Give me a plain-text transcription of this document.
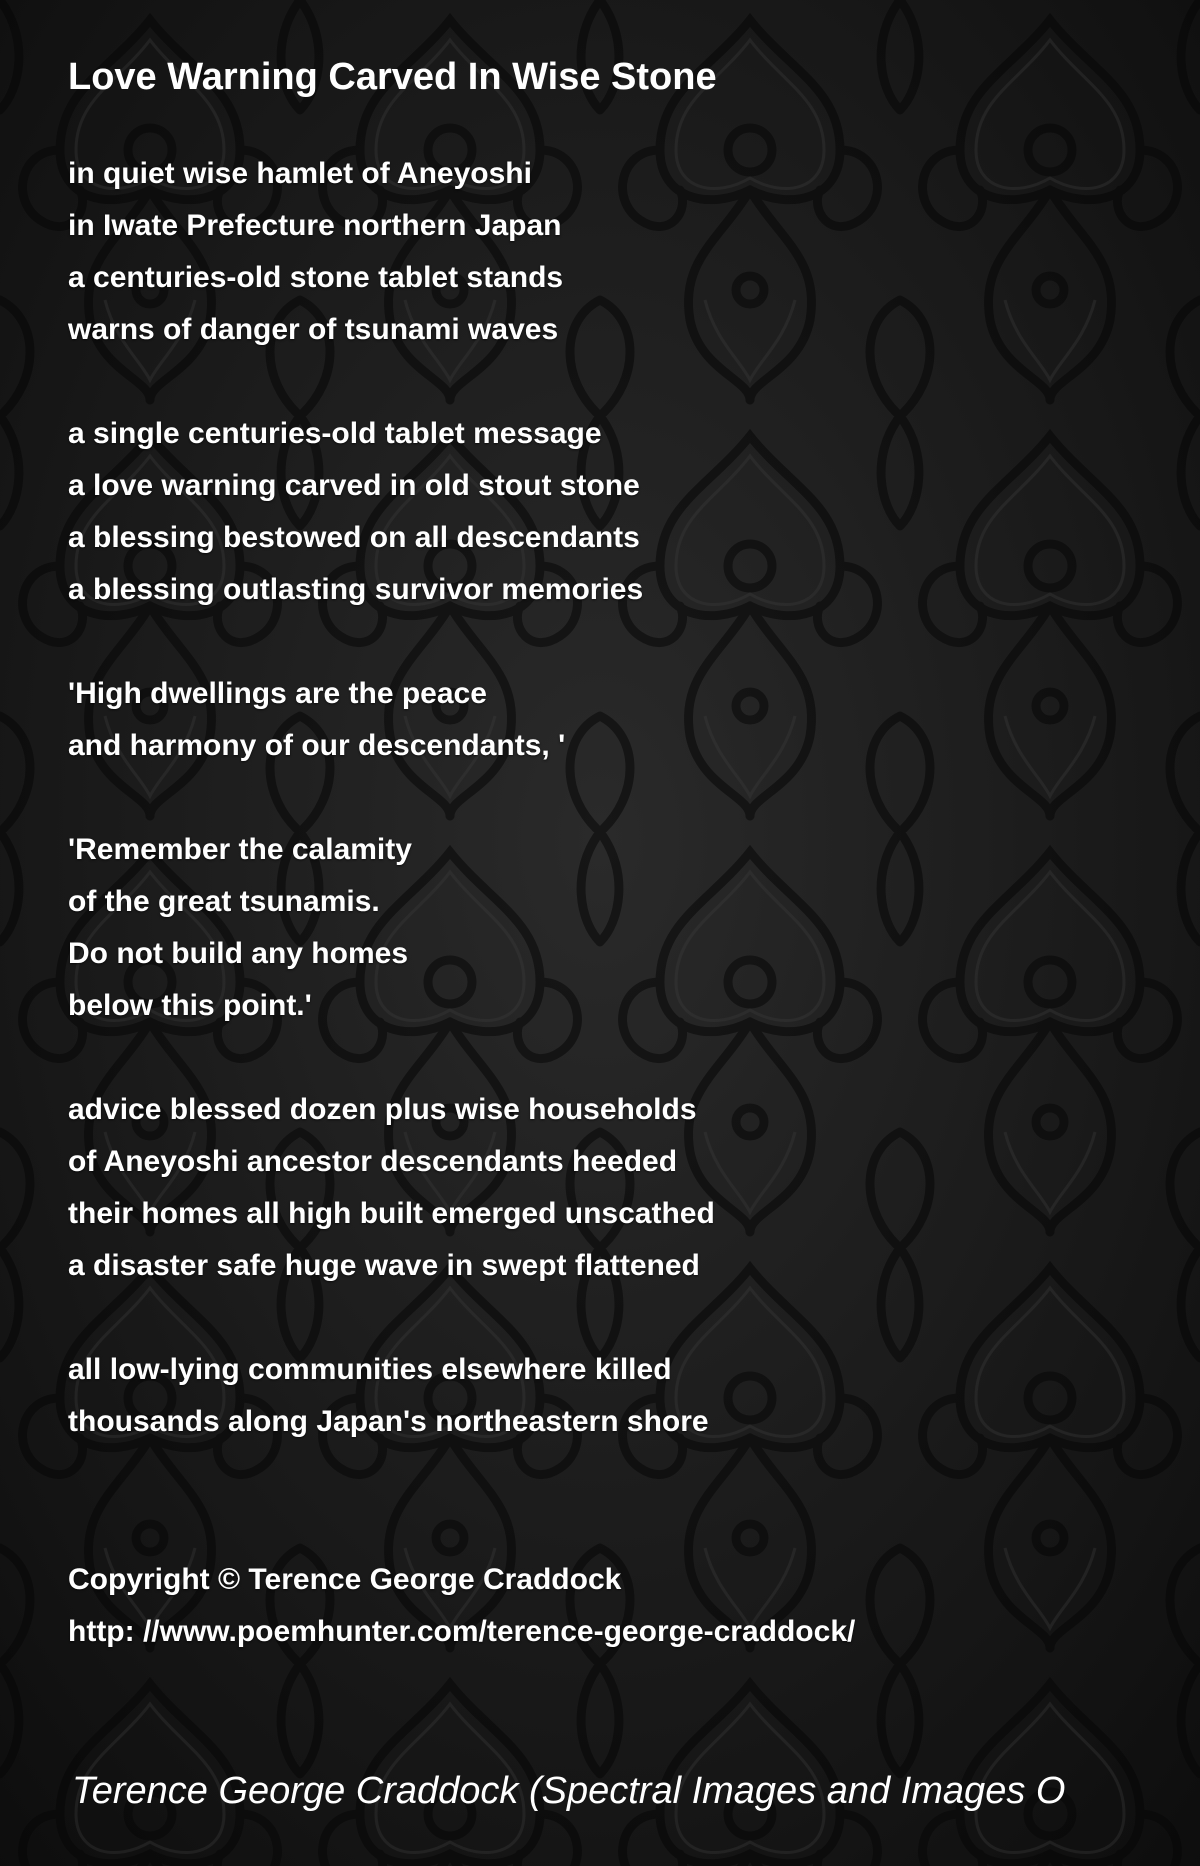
Love Warning Carved In Wise Stone
in quiet wise hamlet of Aneyoshi
in Iwate Prefecture northern Japan
a centuries-old stone tablet stands
warns of danger of tsunami waves
a single centuries-old tablet message
a love warning carved in old stout stone
a blessing bestowed on all descendants
a blessing outlasting survivor memories
'High dwellings are the peace
and harmony of our descendants, '
'Remember the calamity
of the great tsunamis.
Do not build any homes
below this point.'
advice blessed dozen plus wise households
of Aneyoshi ancestor descendants heeded
their homes all high built emerged unscathed
a disaster safe huge wave in swept flattened
all low-lying communities elsewhere killed
thousands along Japan's northeastern shore
Copyright © Terence George Craddock
http: //www.poemhunter.com/terence-george-craddock/
Terence George Craddock (Spectral Images and Images O
